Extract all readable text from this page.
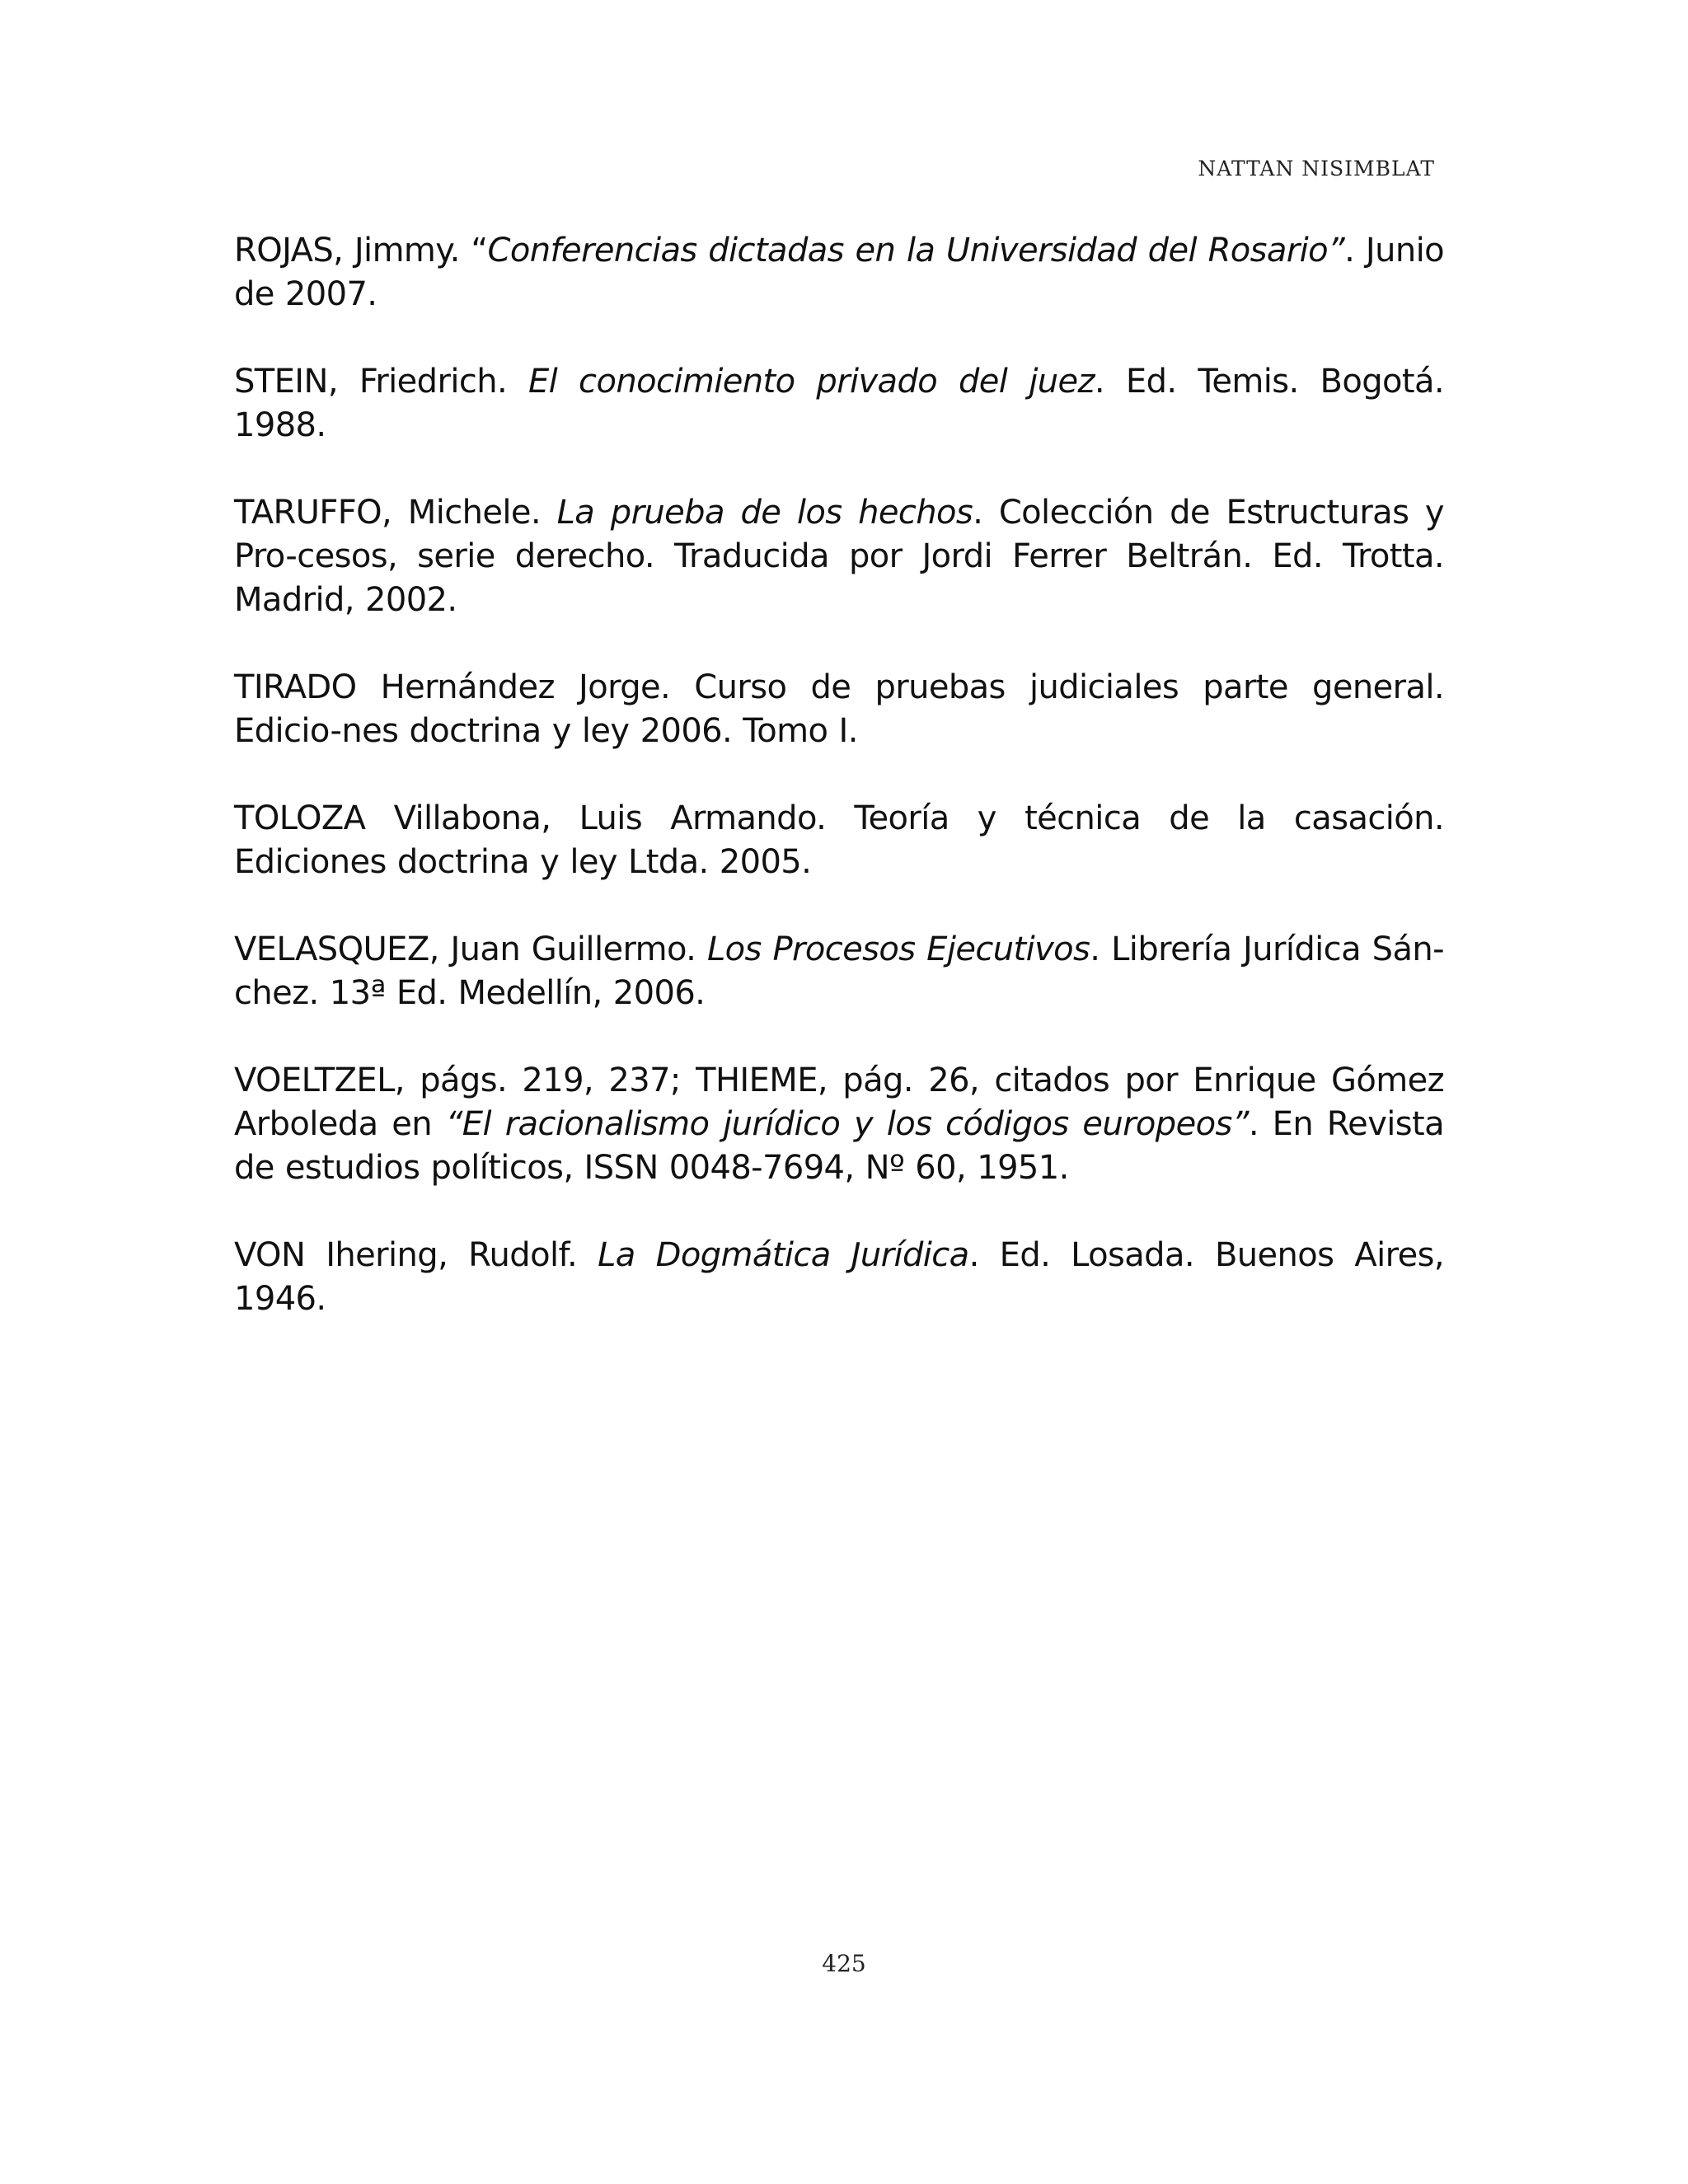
NATTAN NISIMBLAT

ROJAS, Jimmy. “Conferencias dictadas en la Universidad del Rosario”. Junio de 2007.

STEIN, Friedrich. El conocimiento privado del juez. Ed. Temis. Bogotá. 1988.

TARUFFO, Michele. La prueba de los hechos. Colección de Estructuras y Pro-cesos, serie derecho. Traducida por Jordi Ferrer Beltrán. Ed. Trotta. Madrid, 2002.

TIRADO Hernández Jorge. Curso de pruebas judiciales parte general. Edicio-nes doctrina y ley 2006. Tomo I.

TOLOZA Villabona, Luis Armando. Teoría y técnica de la casación. Ediciones doctrina y ley Ltda. 2005.

VELASQUEZ, Juan Guillermo. Los Procesos Ejecutivos. Librería Jurídica Sán-chez. 13ª Ed. Medellín, 2006.

VOELTZEL, págs. 219, 237; THIEME, pág. 26, citados por Enrique Gómez Arboleda en “El racionalismo jurídico y los códigos europeos”. En Revista de estudios políticos, ISSN 0048-7694, Nº 60, 1951.

VON Ihering, Rudolf. La Dogmática Jurídica. Ed. Losada. Buenos Aires, 1946.

425
